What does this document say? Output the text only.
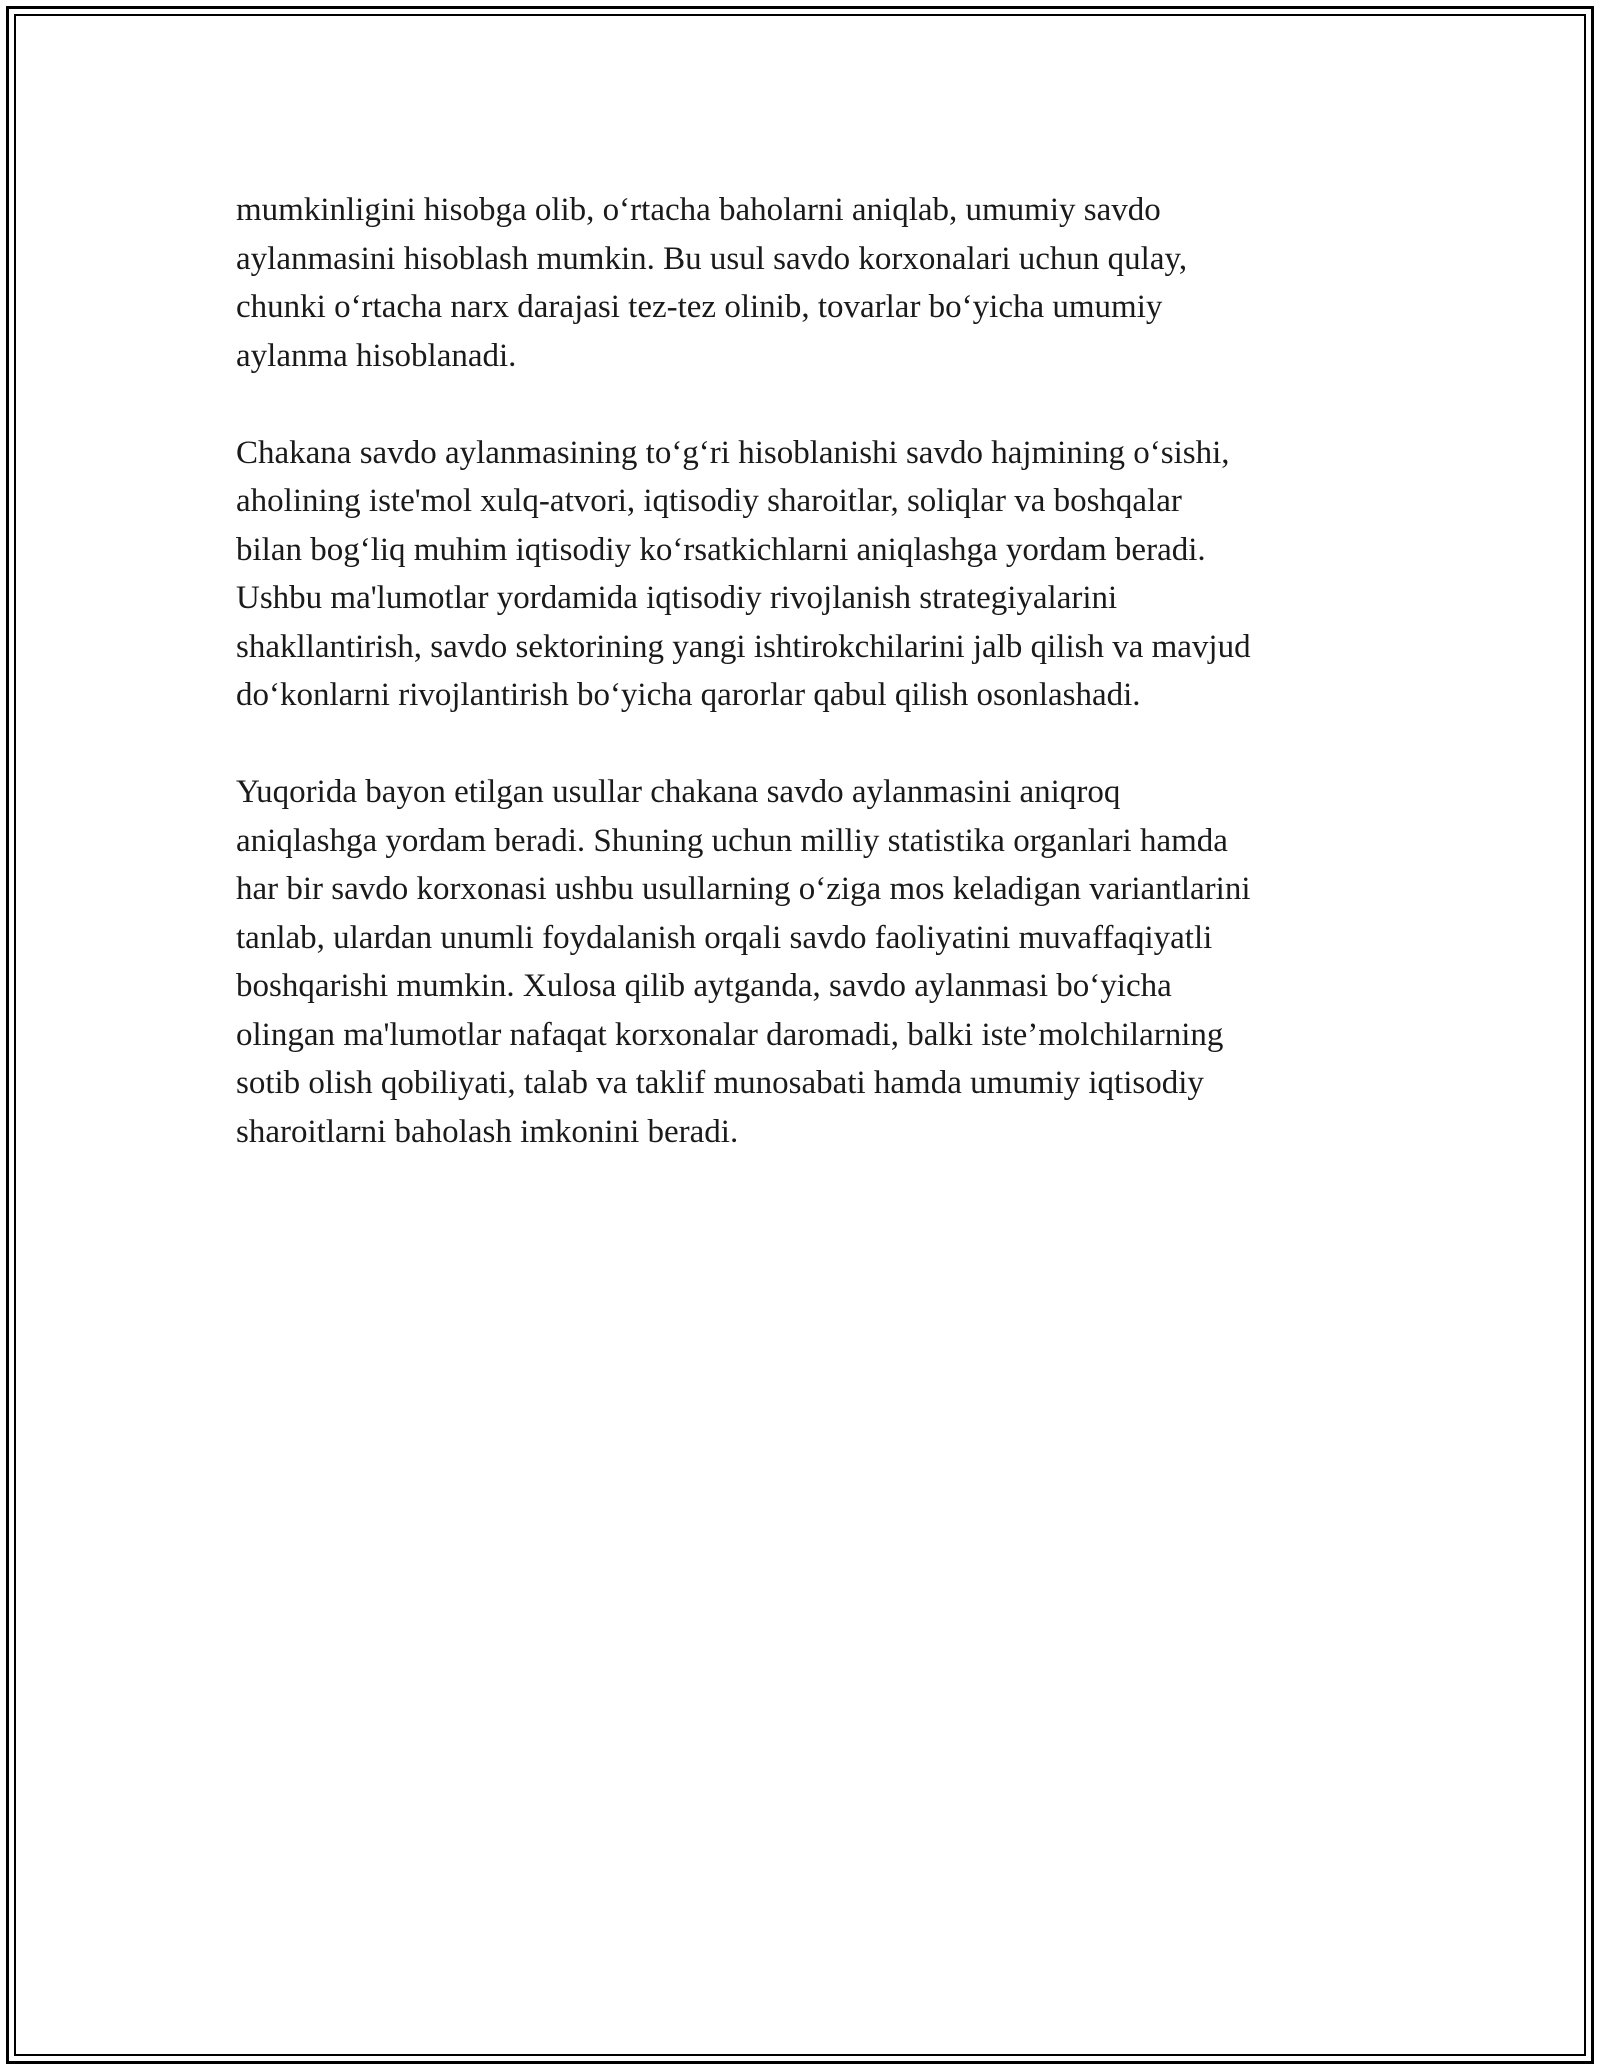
mumkinligini hisobga olib, o‘rtacha baholarni aniqlab, umumiy savdo
aylanmasini hisoblash mumkin. Bu usul savdo korxonalari uchun qulay,
chunki o‘rtacha narx darajasi tez-tez olinib, tovarlar bo‘yicha umumiy
aylanma hisoblanadi.

Chakana savdo aylanmasining to‘g‘ri hisoblanishi savdo hajmining o‘sishi,
aholining iste'mol xulq-atvori, iqtisodiy sharoitlar, soliqlar va boshqalar
bilan bog‘liq muhim iqtisodiy ko‘rsatkichlarni aniqlashga yordam beradi.
Ushbu ma'lumotlar yordamida iqtisodiy rivojlanish strategiyalarini
shakllantirish, savdo sektorining yangi ishtirokchilarini jalb qilish va mavjud
do‘konlarni rivojlantirish bo‘yicha qarorlar qabul qilish osonlashadi.

Yuqorida bayon etilgan usullar chakana savdo aylanmasini aniqroq
aniqlashga yordam beradi. Shuning uchun milliy statistika organlari hamda
har bir savdo korxonasi ushbu usullarning o‘ziga mos keladigan variantlarini
tanlab, ulardan unumli foydalanish orqali savdo faoliyatini muvaffaqiyatli
boshqarishi mumkin. Xulosa qilib aytganda, savdo aylanmasi bo‘yicha
olingan ma'lumotlar nafaqat korxonalar daromadi, balki iste’molchilarning
sotib olish qobiliyati, talab va taklif munosabati hamda umumiy iqtisodiy
sharoitlarni baholash imkonini beradi.
